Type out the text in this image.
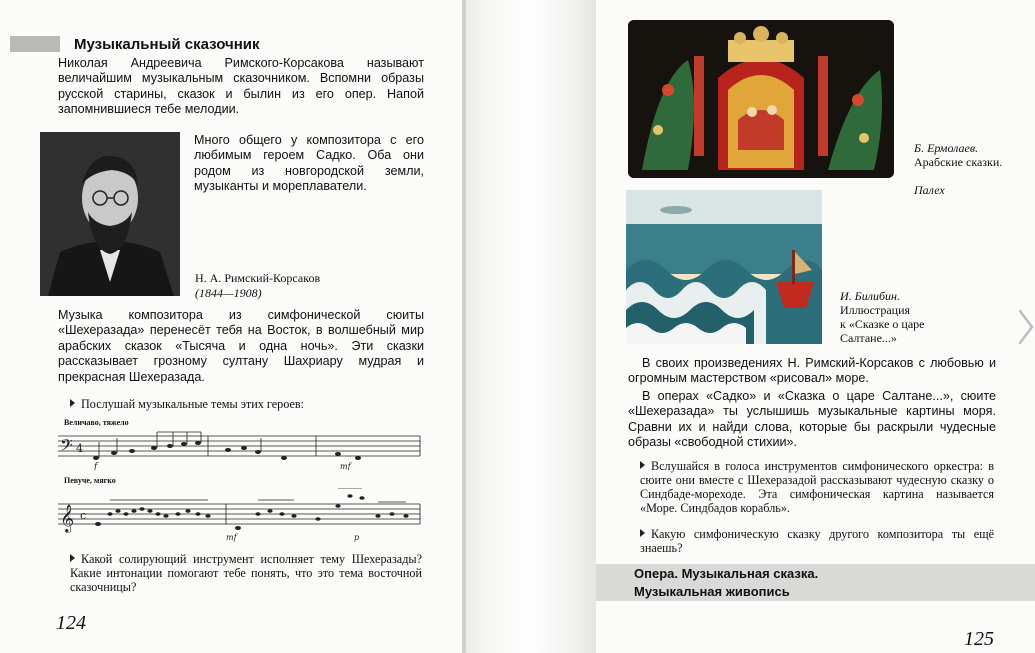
Музыкальный сказочник
Николая Андреевича Римского-Корсакова называют величайшим музыкальным сказочником. Вспомни образы русской старины, сказок и былин из его опер. Напой запомнившиеся тебе мелодии.
Много общего у композитора с его любимым героем Садко. Оба они родом из новгородской земли, музыканты и мореплаватели.
Н. А. Римский-Корсаков
(1844—1908)
Музыка композитора из симфонической сюиты «Шехеразада» перенесёт тебя на Восток, в волшебный мир арабских сказок «Тысяча и одна ночь». Эти сказки рассказывает грозному султану Шахриару мудрая и прекрасная Шехеразада.
Послушай музыкальные темы этих героев:
Величаво, тяжело
𝄢 4
f	mf
Певуче, мягко
𝄞 c
mf	p
Какой солирующий инструмент исполняет тему Шехеразады? Какие интонации помогают тебе понять, что это тема восточной сказочницы?
124
Б. Ермолаев.
Арабские сказки.
Палех
И. Билибин.
Иллюстрация
к «Сказке о царе
Салтане...»
В своих произведениях Н. Римский-Корсаков с любовью и огромным мастерством «рисовал» море.
В операх «Садко» и «Сказка о царе Салтане...», сюите «Шехеразада» ты услышишь музыкальные картины моря. Сравни их и найди слова, которые бы раскрыли чудесные образы «свободной стихии».
Вслушайся в голоса инструментов симфонического оркестра: в сюите они вместе с Шехеразадой рассказывают чудесную сказку о Синдбаде-мореходе. Эта симфоническая картина называется «Море. Синдбадов корабль».
Какую симфоническую сказку другого композитора ты ещё знаешь?
Опера. Музыкальная сказка.
Музыкальная живопись
125
